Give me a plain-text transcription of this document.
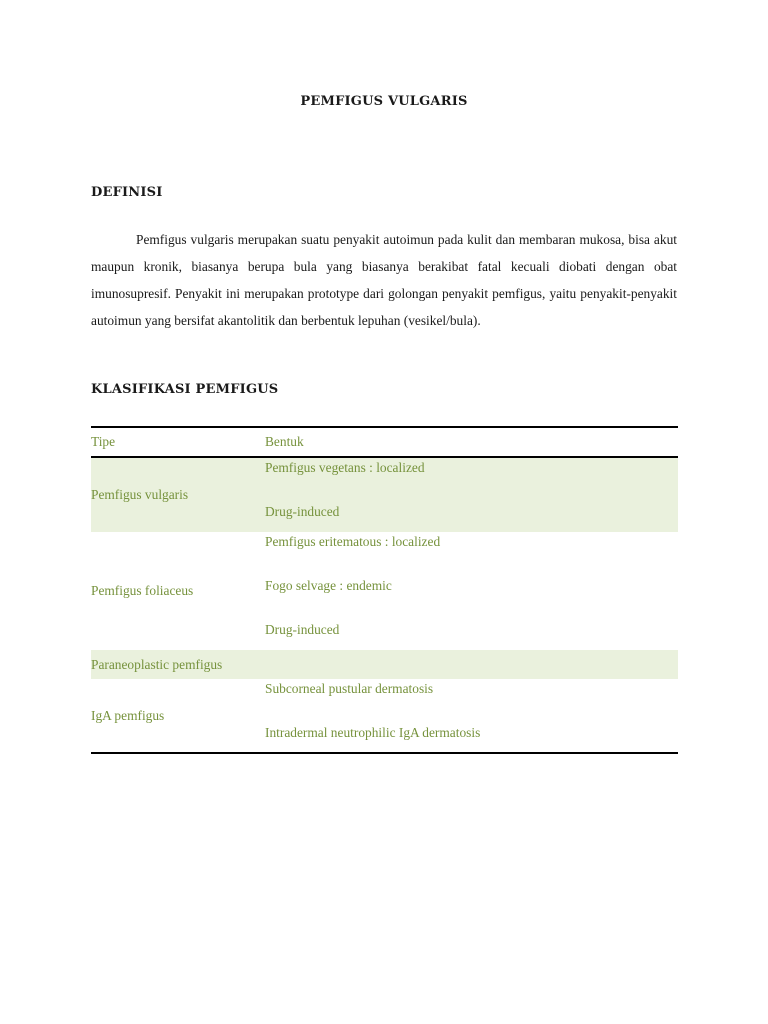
PEMFIGUS VULGARIS
DEFINISI

Pemfigus vulgaris merupakan suatu penyakit autoimun pada kulit dan membaran mukosa, bisa akut maupun kronik, biasanya berupa bula yang biasanya berakibat fatal kecuali diobati dengan obat imunosupresif. Penyakit ini merupakan prototype dari golongan penyakit pemfigus, yaitu penyakit-penyakit autoimun yang bersifat akantolitik dan berbentuk lepuhan (vesikel/bula).

KLASIFIKASI PEMFIGUS
Tipe	Bentuk
Pemfigus vulgaris	Pemfigus vegetans : localized
Drug-induced

Pemfigus foliaceus	Pemfigus eritematous : localized
Fogo selvage : endemic
Drug-induced

Paraneoplastic pemfigus	
IgA pemfigus	Subcorneal pustular dermatosis
Intradermal neutrophilic IgA dermatosis
